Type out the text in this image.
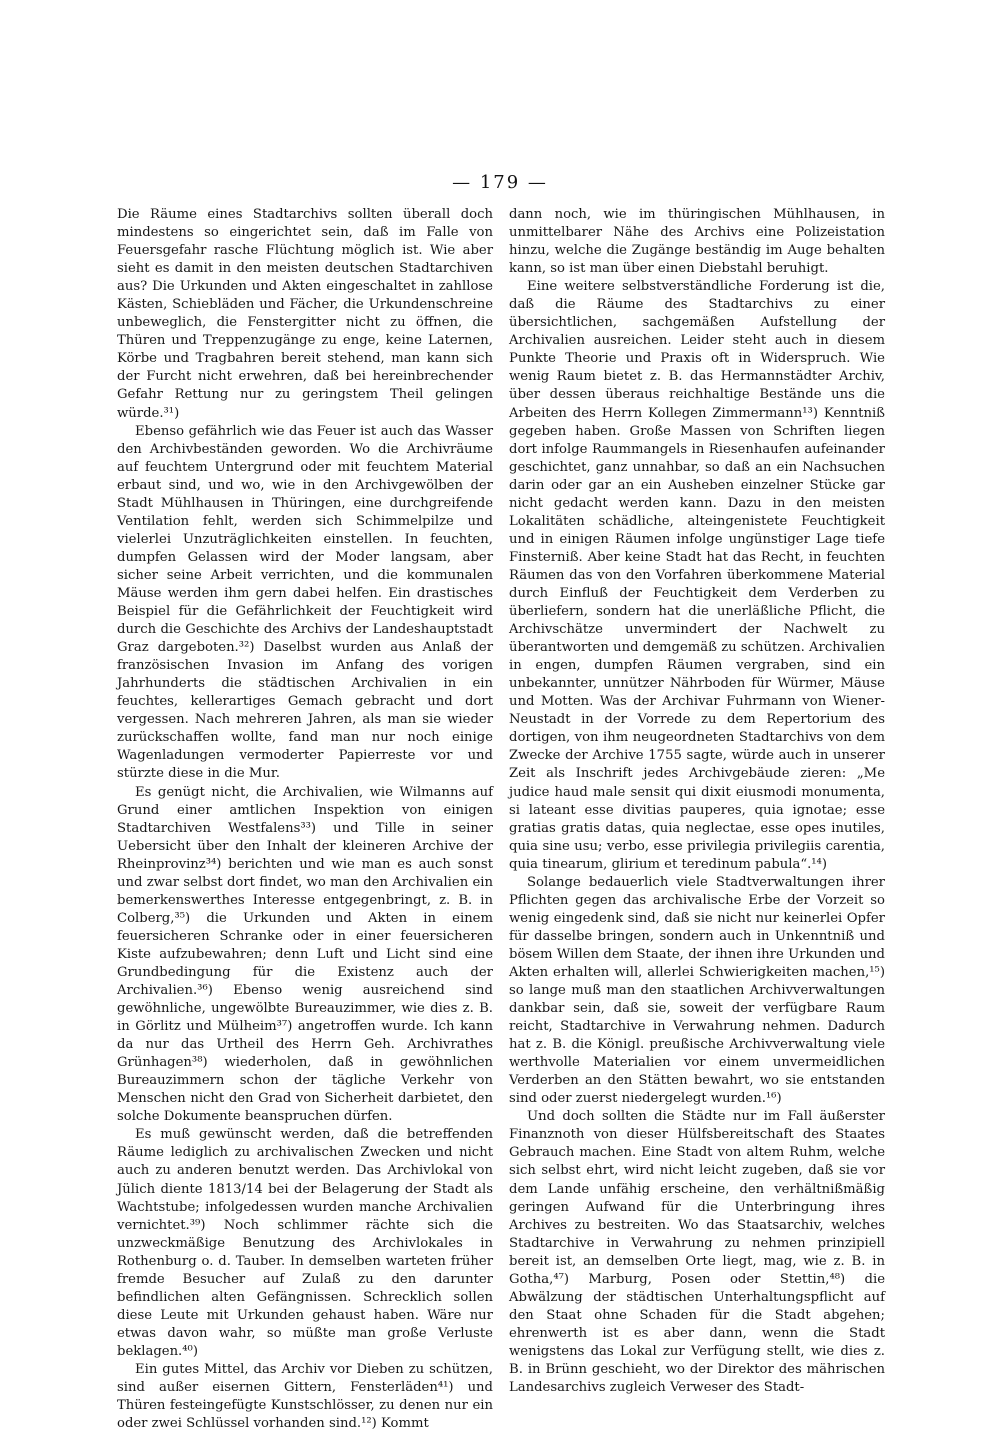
— 179 —

Die Räume eines Stadtarchivs sollten überall doch mindestens so eingerichtet sein, daß im Falle von Feuersgefahr rasche Flüchtung möglich ist. Wie aber sieht es damit in den meisten deutschen Stadtarchiven aus? Die Urkunden und Akten eingeschaltet in zahllose Kästen, Schiebläden und Fächer, die Urkundenschreine unbeweglich, die Fenstergitter nicht zu öffnen, die Thüren und Treppenzugänge zu enge, keine Laternen, Körbe und Tragbahren bereit stehend, man kann sich der Furcht nicht erwehren, daß bei hereinbrechender Gefahr Rettung nur zu geringstem Theil gelingen würde.³¹)

Ebenso gefährlich wie das Feuer ist auch das Wasser den Archivbeständen geworden. Wo die Archivräume auf feuchtem Untergrund oder mit feuchtem Material erbaut sind, und wo, wie in den Archivgewölben der Stadt Mühlhausen in Thüringen, eine durchgreifende Ventilation fehlt, werden sich Schimmelpilze und vielerlei Unzuträglichkeiten einstellen. In feuchten, dumpfen Gelassen wird der Moder langsam, aber sicher seine Arbeit verrichten, und die kommunalen Mäuse werden ihm gern dabei helfen. Ein drastisches Beispiel für die Gefährlichkeit der Feuchtigkeit wird durch die Geschichte des Archivs der Landeshauptstadt Graz dargeboten.³²) Daselbst wurden aus Anlaß der französischen Invasion im Anfang des vorigen Jahrhunderts die städtischen Archivalien in ein feuchtes, kellerartiges Gemach gebracht und dort vergessen. Nach mehreren Jahren, als man sie wieder zurückschaffen wollte, fand man nur noch einige Wagenladungen vermoderter Papierreste vor und stürzte diese in die Mur.

Es genügt nicht, die Archivalien, wie Wilmanns auf Grund einer amtlichen Inspektion von einigen Stadtarchiven Westfalens³³) und Tille in seiner Uebersicht über den Inhalt der kleineren Archive der Rheinprovinz³⁴) berichten und wie man es auch sonst und zwar selbst dort findet, wo man den Archivalien ein bemerkenswerthes Interesse entgegenbringt, z. B. in Colberg,³⁵) die Urkunden und Akten in einem feuersicheren Schranke oder in einer feuersicheren Kiste aufzubewahren; denn Luft und Licht sind eine Grundbedingung für die Existenz auch der Archivalien.³⁶) Ebenso wenig ausreichend sind gewöhnliche, ungewölbte Bureauzimmer, wie dies z. B. in Görlitz und Mülheim³⁷) angetroffen wurde. Ich kann da nur das Urtheil des Herrn Geh. Archivrathes Grünhagen³⁸) wiederholen, daß in gewöhnlichen Bureauzimmern schon der tägliche Verkehr von Menschen nicht den Grad von Sicherheit darbietet, den solche Dokumente beanspruchen dürfen.

Es muß gewünscht werden, daß die betreffenden Räume lediglich zu archivalischen Zwecken und nicht auch zu anderen benutzt werden. Das Archivlokal von Jülich diente 1813/14 bei der Belagerung der Stadt als Wachtstube; infolgedessen wurden manche Archivalien vernichtet.³⁹) Noch schlimmer rächte sich die unzweckmäßige Benutzung des Archivlokales in Rothenburg o. d. Tauber. In demselben warteten früher fremde Besucher auf Zulaß zu den darunter befindlichen alten Gefängnissen. Schrecklich sollen diese Leute mit Urkunden gehaust haben. Wäre nur etwas davon wahr, so müßte man große Verluste beklagen.⁴⁰)

Ein gutes Mittel, das Archiv vor Dieben zu schützen, sind außer eisernen Gittern, Fensterläden⁴¹) und Thüren festeingefügte Kunstschlösser, zu denen nur ein oder zwei Schlüssel vorhanden sind.¹²) Kommt

dann noch, wie im thüringischen Mühlhausen, in unmittelbarer Nähe des Archivs eine Polizeistation hinzu, welche die Zugänge beständig im Auge behalten kann, so ist man über einen Diebstahl beruhigt.

Eine weitere selbstverständliche Forderung ist die, daß die Räume des Stadtarchivs zu einer übersichtlichen, sachgemäßen Aufstellung der Archivalien ausreichen. Leider steht auch in diesem Punkte Theorie und Praxis oft in Widerspruch. Wie wenig Raum bietet z. B. das Hermannstädter Archiv, über dessen überaus reichhaltige Bestände uns die Arbeiten des Herrn Kollegen Zimmermann¹³) Kenntniß gegeben haben. Große Massen von Schriften liegen dort infolge Raummangels in Riesenhaufen aufeinander geschichtet, ganz unnahbar, so daß an ein Nachsuchen darin oder gar an ein Ausheben einzelner Stücke gar nicht gedacht werden kann. Dazu in den meisten Lokalitäten schädliche, alteingenistete Feuchtigkeit und in einigen Räumen infolge ungünstiger Lage tiefe Finsterniß. Aber keine Stadt hat das Recht, in feuchten Räumen das von den Vorfahren überkommene Material durch Einfluß der Feuchtigkeit dem Verderben zu überliefern, sondern hat die unerläßliche Pflicht, die Archivschätze unvermindert der Nachwelt zu überantworten und demgemäß zu schützen. Archivalien in engen, dumpfen Räumen vergraben, sind ein unbekannter, unnützer Nährboden für Würmer, Mäuse und Motten. Was der Archivar Fuhrmann von Wiener-Neustadt in der Vorrede zu dem Repertorium des dortigen, von ihm neugeordneten Stadtarchivs von dem Zwecke der Archive 1755 sagte, würde auch in unserer Zeit als Inschrift jedes Archivgebäude zieren: „Me judice haud male sensit qui dixit eiusmodi monumenta, si lateant esse divitias pauperes, quia ignotae; esse gratias gratis datas, quia neglectae, esse opes inutiles, quia sine usu; verbo, esse privilegia privilegiis carentia, quia tinearum, glirium et teredinum pabula“.¹⁴)

Solange bedauerlich viele Stadtverwaltungen ihrer Pflichten gegen das archivalische Erbe der Vorzeit so wenig eingedenk sind, daß sie nicht nur keinerlei Opfer für dasselbe bringen, sondern auch in Unkenntniß und bösem Willen dem Staate, der ihnen ihre Urkunden und Akten erhalten will, allerlei Schwierigkeiten machen,¹⁵) so lange muß man den staatlichen Archivverwaltungen dankbar sein, daß sie, soweit der verfügbare Raum reicht, Stadtarchive in Verwahrung nehmen. Dadurch hat z. B. die Königl. preußische Archivverwaltung viele werthvolle Materialien vor einem unvermeidlichen Verderben an den Stätten bewahrt, wo sie entstanden sind oder zuerst niedergelegt wurden.¹⁶)

Und doch sollten die Städte nur im Fall äußerster Finanznoth von dieser Hülfsbereitschaft des Staates Gebrauch machen. Eine Stadt von altem Ruhm, welche sich selbst ehrt, wird nicht leicht zugeben, daß sie vor dem Lande unfähig erscheine, den verhältnißmäßig geringen Aufwand für die Unterbringung ihres Archives zu bestreiten. Wo das Staatsarchiv, welches Stadtarchive in Verwahrung zu nehmen prinzipiell bereit ist, an demselben Orte liegt, mag, wie z. B. in Gotha,⁴⁷) Marburg, Posen oder Stettin,⁴⁸) die Abwälzung der städtischen Unterhaltungspflicht auf den Staat ohne Schaden für die Stadt abgehen; ehrenwerth ist es aber dann, wenn die Stadt wenigstens das Lokal zur Verfügung stellt, wie dies z. B. in Brünn geschieht, wo der Direktor des mährischen Landesarchivs zugleich Verweser des Stadt-
